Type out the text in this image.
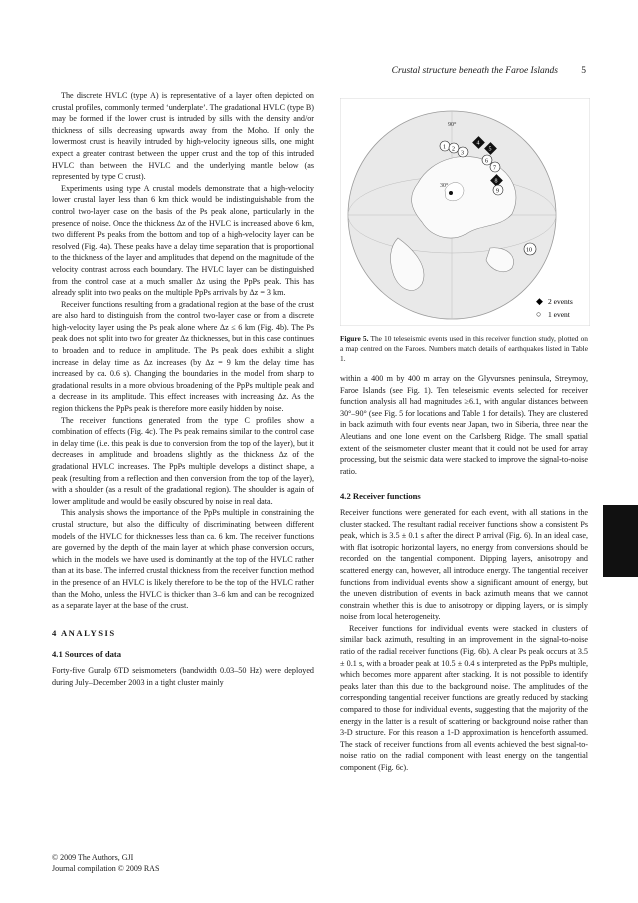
Crustal structure beneath the Faroe Islands 5

The discrete HVLC (type A) is representative of a layer often depicted on crustal profiles, commonly termed ‘underplate’. The gradational HVLC (type B) may be formed if the lower crust is intruded by sills with the density and/or thickness of sills decreasing upwards away from the Moho. If only the lowermost crust is heavily intruded by high-velocity igneous sills, one might expect a greater contrast between the upper crust and the top of this intruded HVLC than between the HVLC and the underlying mantle below (as represented by type C crust).

Experiments using type A crustal models demonstrate that a high-velocity lower crustal layer less than 6 km thick would be indistinguishable from the control two-layer case on the basis of the Ps peak alone, particularly in the presence of noise. Once the thickness Δz of the HVLC is increased above 6 km, two different Ps peaks from the bottom and top of a high-velocity layer can be resolved (Fig. 4a). These peaks have a delay time separation that is proportional to the thickness of the layer and amplitudes that depend on the magnitude of the velocity contrast across each boundary. The HVLC layer can be distinguished from the control case at a much smaller Δz using the PpPs peak. This has already split into two peaks on the multiple PpPs arrivals by Δz = 3 km.

Receiver functions resulting from a gradational region at the base of the crust are also hard to distinguish from the control two-layer case or from a discrete high-velocity layer using the Ps peak alone where Δz ≤ 6 km (Fig. 4b). The Ps peak does not split into two for greater Δz thicknesses, but in this case continues to broaden and to reduce in amplitude. The Ps peak does exhibit a slight increase in delay time as Δz increases (by Δz = 9 km the delay time has increased by ca. 0.6 s). Changing the boundaries in the model from sharp to gradational results in a more obvious broadening of the PpPs multiple peak and a decrease in its amplitude. This effect increases with increasing Δz. As the region thickens the PpPs peak is therefore more easily hidden by noise.

The receiver functions generated from the type C profiles show a combination of effects (Fig. 4c). The Ps peak remains similar to the control case in delay time (i.e. this peak is due to conversion from the top of the layer), but it decreases in amplitude and broadens slightly as the thickness Δz of the gradational HVLC increases. The PpPs multiple develops a distinct shape, a peak (resulting from a reflection and then conversion from the top of the layer), with a shoulder (as a result of the gradational region). The shoulder is again of lower amplitude and would be easily obscured by noise in real data.

This analysis shows the importance of the PpPs multiple in constraining the crustal structure, but also the difficulty of discriminating between different models of the HVLC for thicknesses less than ca. 6 km. The receiver functions are governed by the depth of the main layer at which phase conversion occurs, which in the models we have used is dominantly at the top of the HVLC rather than at its base. The inferred crustal thickness from the receiver function method in the presence of an HVLC is likely therefore to be the top of the HVLC rather than the Moho, unless the HVLC is thicker than 3–6 km and can be recognized as a separate layer at the base of the crust.

4 ANALYSIS

4.1 Sources of data

Forty-five Guralp 6TD seismometers (bandwidth 0.03–50 Hz) were deployed during July–December 2003 in a tight cluster mainly

90°
30°
1 2
3
4
5
6
7
8
9
10
◆ 2 events
○ 1 event
Figure 5. The 10 teleseismic events used in this receiver function study, plotted on a map centred on the Faroes. Numbers match details of earthquakes listed in Table 1.

within a 400 m by 400 m array on the Glyvursnes peninsula, Streymoy, Faroe Islands (see Fig. 1). Ten teleseismic events selected for receiver function analysis all had magnitudes ≥6.1, with angular distances between 30°–90° (see Fig. 5 for locations and Table 1 for details). They are clustered in back azimuth with four events near Japan, two in Siberia, three near the Aleutians and one lone event on the Carlsberg Ridge. The small spatial extent of the seismometer cluster meant that it could not be used for array processing, but the seismic data were stacked to improve the signal-to-noise ratio.

4.2 Receiver functions

Receiver functions were generated for each event, with all stations in the cluster stacked. The resultant radial receiver functions show a consistent Ps peak, which is 3.5 ± 0.1 s after the direct P arrival (Fig. 6). In an ideal case, with flat isotropic horizontal layers, no energy from conversions should be recorded on the tangential component. Dipping layers, anisotropy and scattered energy can, however, all introduce energy. The tangential receiver functions from individual events show a significant amount of energy, but the uneven distribution of events in back azimuth means that we cannot constrain whether this is due to anisotropy or dipping layers, or is simply noise from local heterogeneity.

Receiver functions for individual events were stacked in clusters of similar back azimuth, resulting in an improvement in the signal-to-noise ratio of the radial receiver functions (Fig. 6b). A clear Ps peak occurs at 3.5 ± 0.1 s, with a broader peak at 10.5 ± 0.4 s interpreted as the PpPs multiple, which becomes more apparent after stacking. It is not possible to identify peaks later than this due to the background noise. The amplitudes of the corresponding tangential receiver functions are greatly reduced by stacking compared to those for individual events, suggesting that the majority of the energy in the latter is a result of scattering or background noise rather than 3-D structure. For this reason a 1-D approximation is henceforth assumed. The stack of receiver functions from all events achieved the best signal-to-noise ratio on the radial component with least energy on the tangential component (Fig. 6c).

© 2009 The Authors, GJI
Journal compilation © 2009 RAS
